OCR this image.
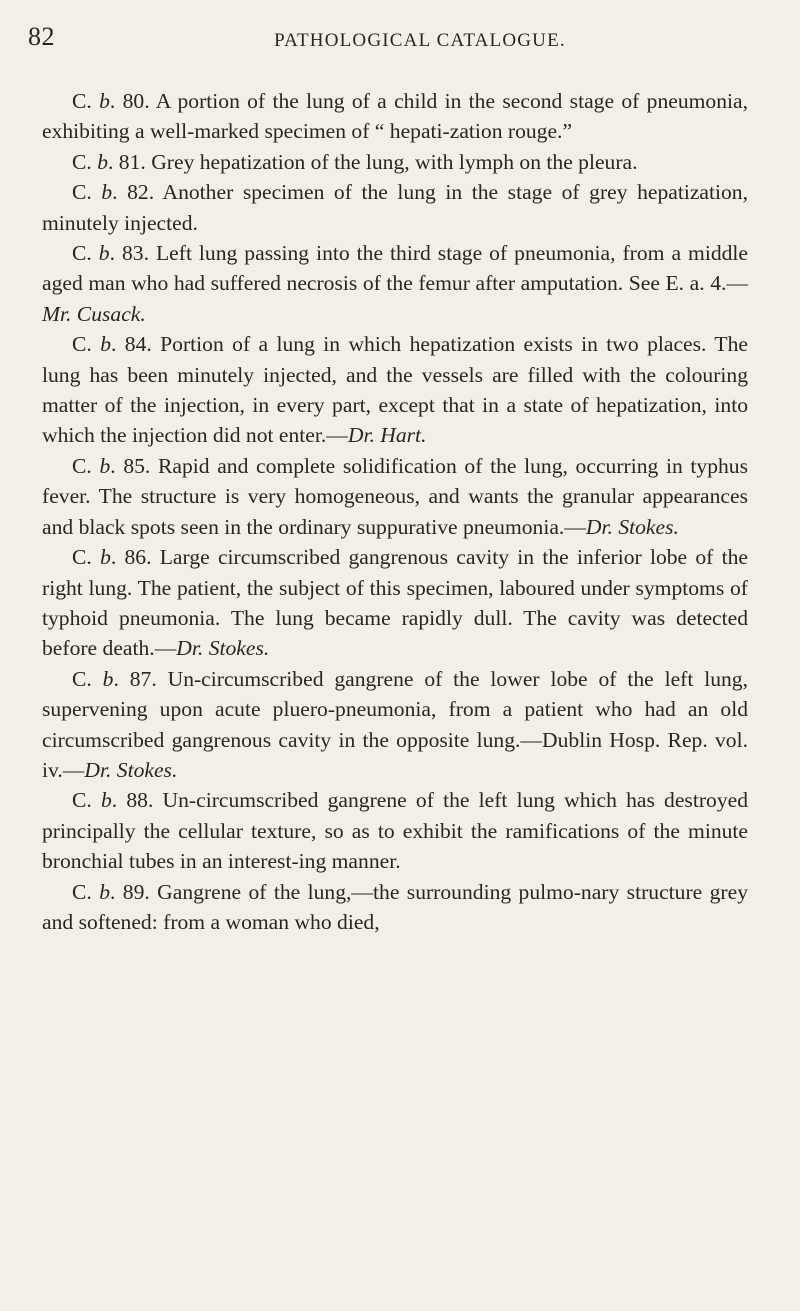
82	PATHOLOGICAL CATALOGUE.

C. b. 80. A portion of the lung of a child in the second stage of pneumonia, exhibiting a well-marked specimen of “ hepati-zation rouge.”

C. b. 81. Grey hepatization of the lung, with lymph on the pleura.

C. b. 82. Another specimen of the lung in the stage of grey hepatization, minutely injected.

C. b. 83. Left lung passing into the third stage of pneumonia, from a middle aged man who had suffered necrosis of the femur after amputation. See E. a. 4.—Mr. Cusack.

C. b. 84. Portion of a lung in which hepatization exists in two places. The lung has been minutely injected, and the vessels are filled with the colouring matter of the injection, in every part, except that in a state of hepatization, into which the injection did not enter.—Dr. Hart.

C. b. 85. Rapid and complete solidification of the lung, occurring in typhus fever. The structure is very homogeneous, and wants the granular appearances and black spots seen in the ordinary suppurative pneumonia.—Dr. Stokes.

C. b. 86. Large circumscribed gangrenous cavity in the inferior lobe of the right lung. The patient, the subject of this specimen, laboured under symptoms of typhoid pneumonia. The lung became rapidly dull. The cavity was detected before death.—Dr. Stokes.

C. b. 87. Un-circumscribed gangrene of the lower lobe of the left lung, supervening upon acute pluero-pneumonia, from a patient who had an old circumscribed gangrenous cavity in the opposite lung.—Dublin Hosp. Rep. vol. iv.—Dr. Stokes.

C. b. 88. Un-circumscribed gangrene of the left lung which has destroyed principally the cellular texture, so as to exhibit the ramifications of the minute bronchial tubes in an interest-ing manner.

C. b. 89. Gangrene of the lung,—the surrounding pulmo-nary structure grey and softened: from a woman who died,
